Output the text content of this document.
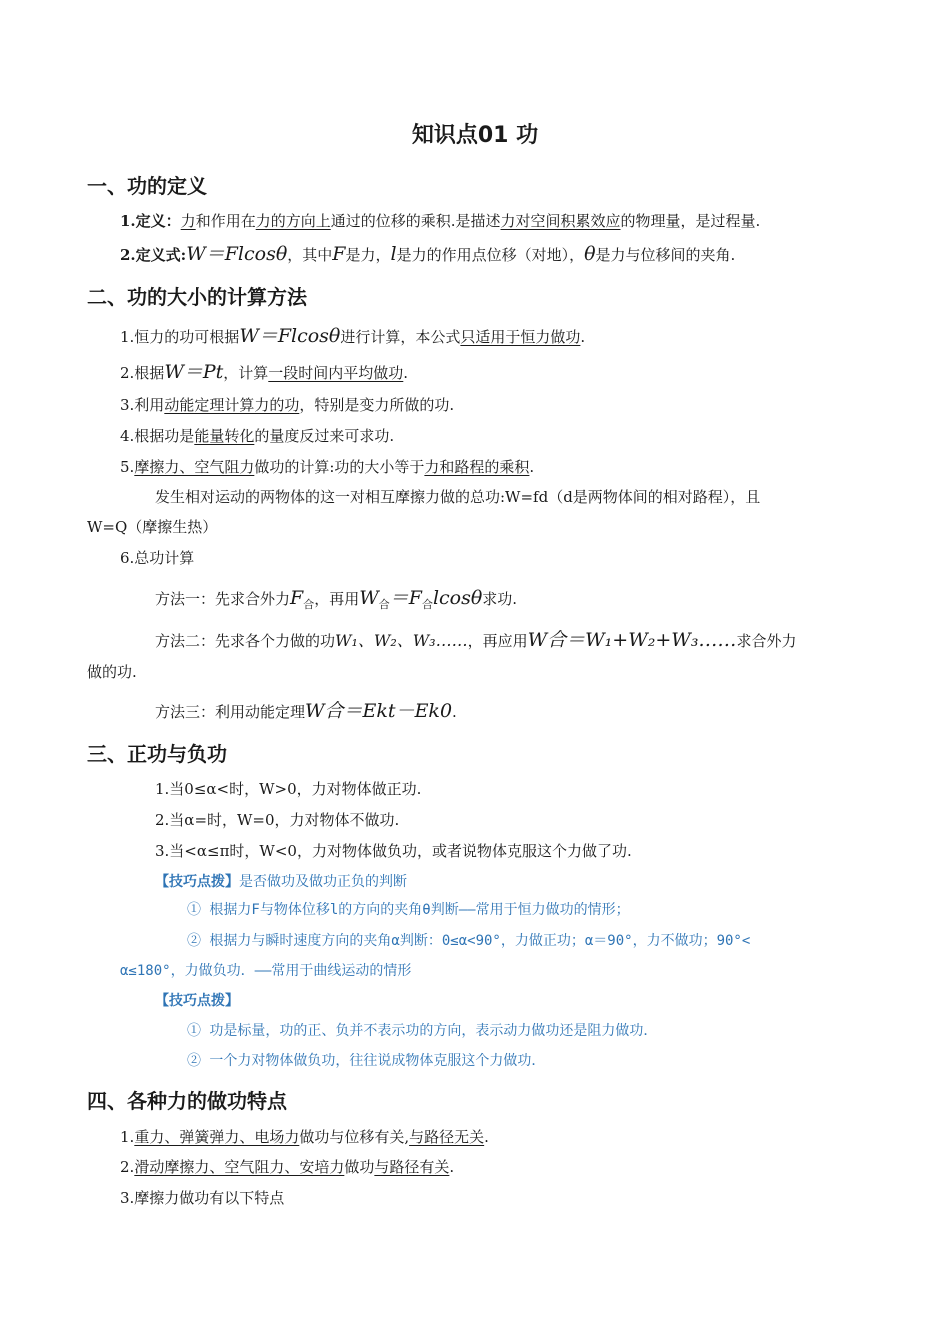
知识点01 功
一、功的定义
1.定义：力和作用在力的方向上通过的位移的乘积.是描述力对空间积累效应的物理量，是过程量.
2.定义式:W＝Flcosθ，其中F是力，l是力的作用点位移（对地），θ是力与位移间的夹角.
二、功的大小的计算方法
1.恒力的功可根据W＝Flcosθ进行计算，本公式只适用于恒力做功.
2.根据W＝Pt，计算一段时间内平均做功.
3.利用动能定理计算力的功，特别是变力所做的功.
4.根据功是能量转化的量度反过来可求功.
5.摩擦力、空气阻力做功的计算:功的大小等于力和路程的乘积.
发生相对运动的两物体的这一对相互摩擦力做的总功:W=fd（d是两物体间的相对路程），且
W=Q（摩擦生热）
6.总功计算
方法一：先求合外力$F_合$，再用$W_合=F_合lcos\theta$求功.
方法二：先求各个力做的功W₁、W₂、W₃……，再应用W合＝W₁+W₂+W₃……求合外力
做的功.
方法三：利用动能定理W合＝Ekt－Ek0.
三、正功与负功
1.当0≤α<时，W>0，力对物体做正功.
2.当α=时，W=0，力对物体不做功.
3.当<α≤π时，W<0，力对物体做负功，或者说物体克服这个力做了功.
【技巧点拨】是否做功及做功正负的判断
① 根据力F与物体位移l的方向的夹角θ判断——常用于恒力做功的情形；
② 根据力与瞬时速度方向的夹角α判断：0≤α<90°，力做正功；α＝90°，力不做功；90°<
α≤180°，力做负功．——常用于曲线运动的情形
【技巧点拨】
① 功是标量，功的正、负并不表示功的方向，表示动力做功还是阻力做功．
② 一个力对物体做负功，往往说成物体克服这个力做功．
四、各种力的做功特点
1.重力、弹簧弹力、电场力做功与位移有关,与路径无关.
2.滑动摩擦力、空气阻力、安培力做功与路径有关.
3.摩擦力做功有以下特点
